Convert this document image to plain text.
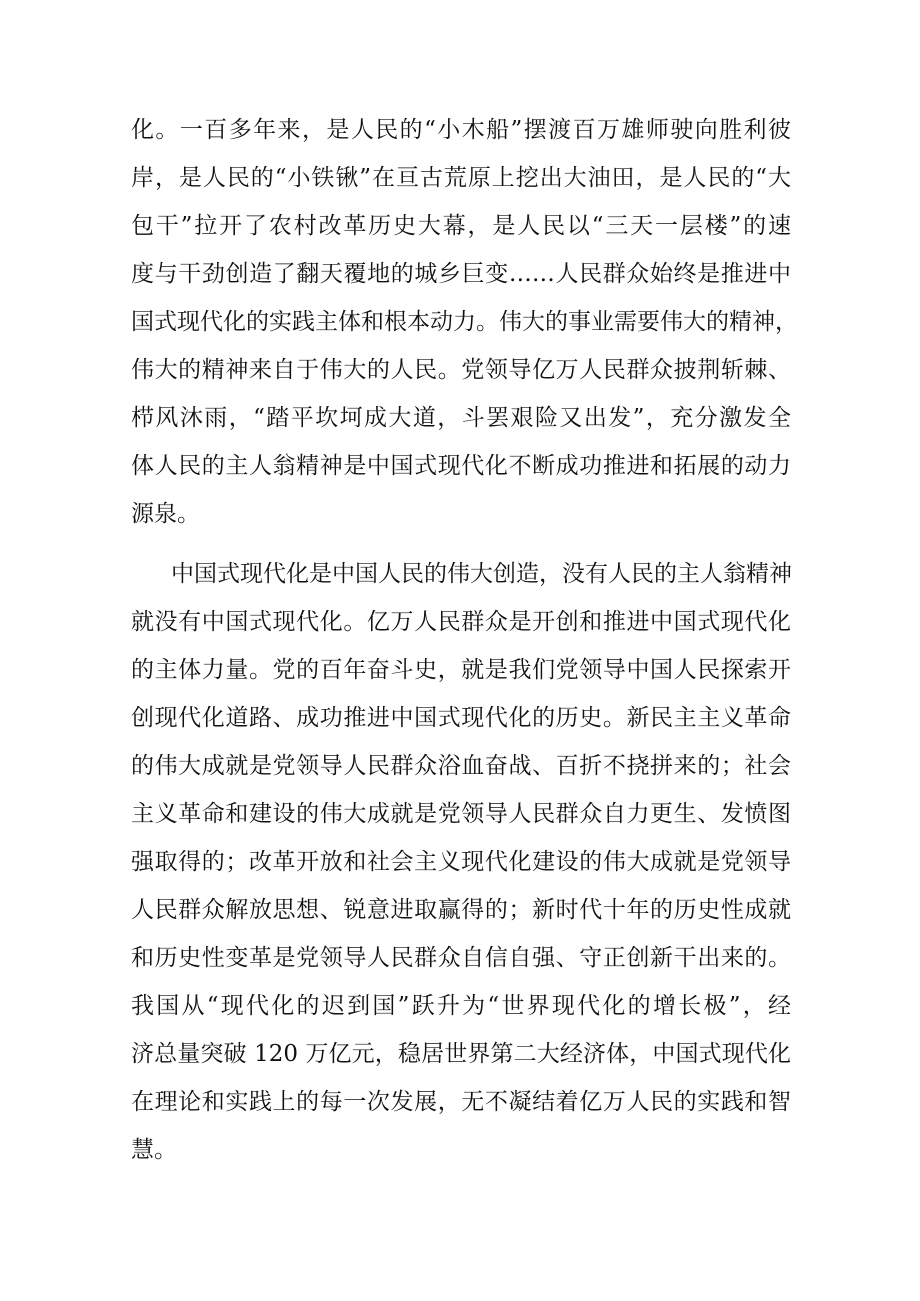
化。一百多年来，是人民的“小木船”摆渡百万雄师驶向胜利彼
岸，是人民的“小铁锹”在亘古荒原上挖出大油田，是人民的“大
包干”拉开了农村改革历史大幕，是人民以“三天一层楼”的速
度与干劲创造了翻天覆地的城乡巨变……人民群众始终是推进中
国式现代化的实践主体和根本动力。伟大的事业需要伟大的精神，
伟大的精神来自于伟大的人民。党领导亿万人民群众披荆斩棘、
栉风沐雨，“踏平坎坷成大道，斗罢艰险又出发”，充分激发全
体人民的主人翁精神是中国式现代化不断成功推进和拓展的动力
源泉。
中国式现代化是中国人民的伟大创造，没有人民的主人翁精神
就没有中国式现代化。亿万人民群众是开创和推进中国式现代化
的主体力量。党的百年奋斗史，就是我们党领导中国人民探索开
创现代化道路、成功推进中国式现代化的历史。新民主主义革命
的伟大成就是党领导人民群众浴血奋战、百折不挠拼来的；社会
主义革命和建设的伟大成就是党领导人民群众自力更生、发愤图
强取得的；改革开放和社会主义现代化建设的伟大成就是党领导
人民群众解放思想、锐意进取赢得的；新时代十年的历史性成就
和历史性变革是党领导人民群众自信自强、守正创新干出来的。
我国从“现代化的迟到国”跃升为“世界现代化的增长极”，经
济总量突破 120 万亿元，稳居世界第二大经济体，中国式现代化
在理论和实践上的每一次发展，无不凝结着亿万人民的实践和智
慧。
